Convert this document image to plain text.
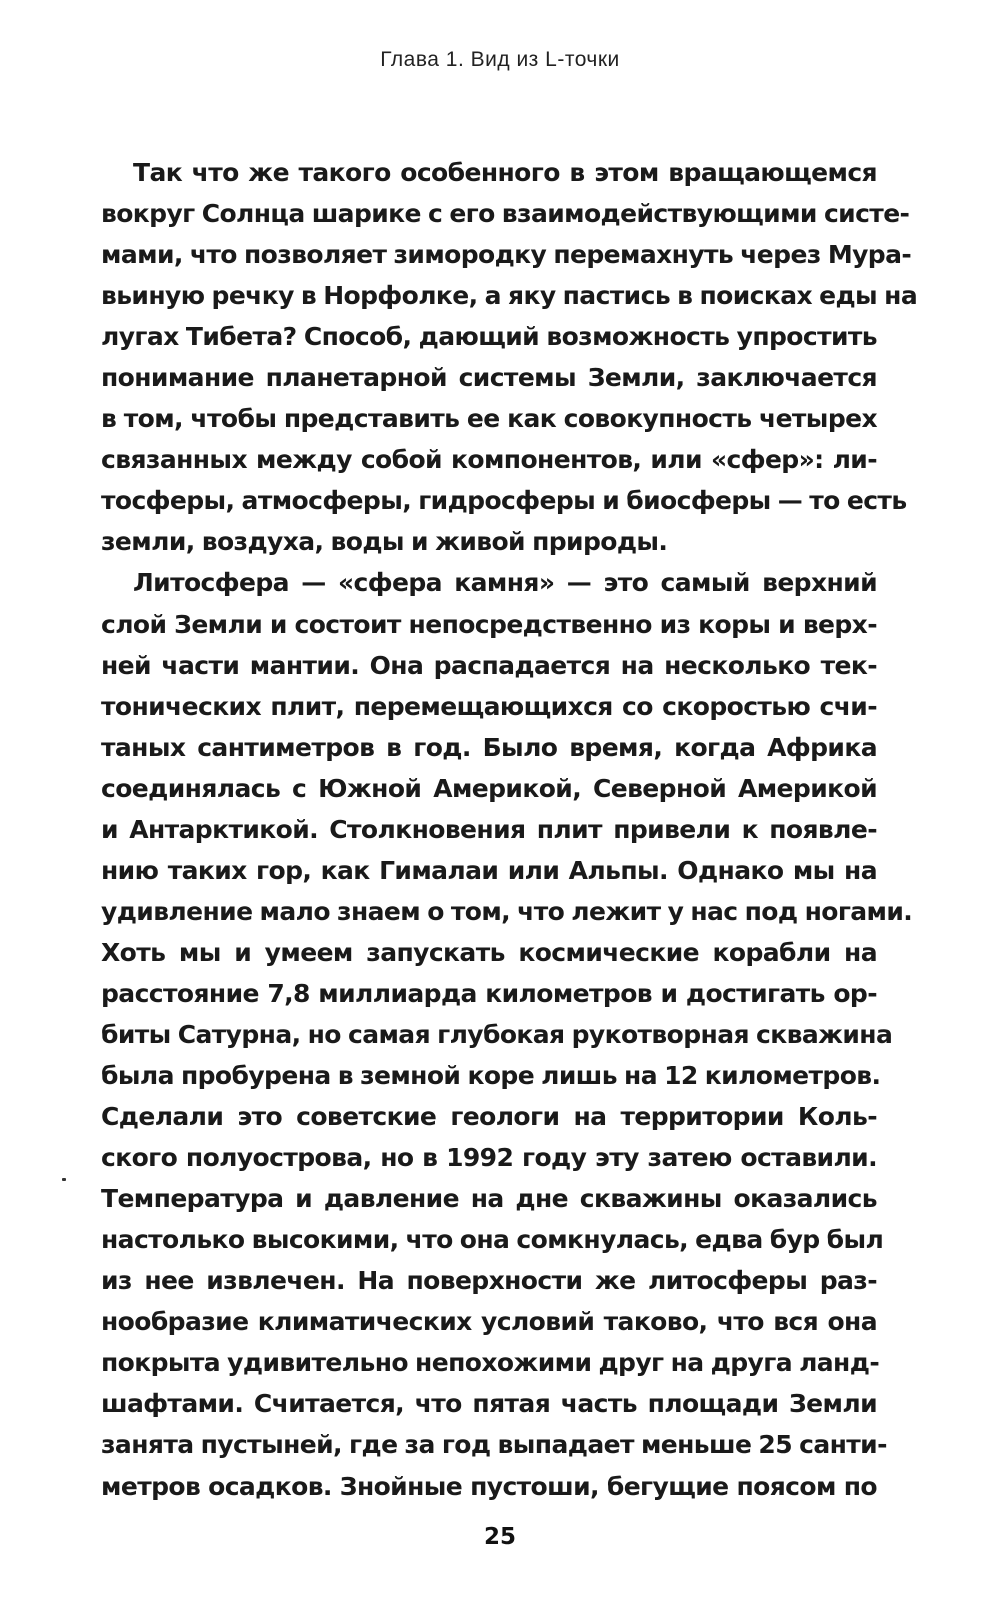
Глава 1. Вид из L-точки
Так что же такого особенного в этом вращающемся
вокруг Солнца шарике с его взаимодействующими систе-
мами, что позволяет зимородку перемахнуть через Мура-
вьиную речку в Норфолке, а яку пастись в поисках еды на
лугах Тибета? Способ, дающий возможность упростить
понимание планетарной системы Земли, заключается
в том, чтобы представить ее как совокупность четырех
связанных между собой компонентов, или «сфер»: ли-
тосферы, атмосферы, гидросферы и биосферы — то есть
земли, воздуха, воды и живой природы.
Литосфера — «сфера камня» — это самый верхний
слой Земли и состоит непосредственно из коры и верх-
ней части мантии. Она распадается на несколько тек-
тонических плит, перемещающихся со скоростью счи-
таных сантиметров в год. Было время, когда Африка
соединялась с Южной Америкой, Северной Америкой
и Антарктикой. Столкновения плит привели к появле-
нию таких гор, как Гималаи или Альпы. Однако мы на
удивление мало знаем о том, что лежит у нас под ногами.
Хоть мы и умеем запускать космические корабли на
расстояние 7,8 миллиарда километров и достигать ор-
биты Сатурна, но самая глубокая рукотворная скважина
была пробурена в земной коре лишь на 12 километров.
Сделали это советские геологи на территории Коль-
ского полуострова, но в 1992 году эту затею оставили.
Температура и давление на дне скважины оказались
настолько высокими, что она сомкнулась, едва бур был
из нее извлечен. На поверхности же литосферы раз-
нообразие климатических условий таково, что вся она
покрыта удивительно непохожими друг на друга ланд-
шафтами. Считается, что пятая часть площади Земли
занята пустыней, где за год выпадает меньше 25 санти-
метров осадков. Знойные пустоши, бегущие поясом по
25
